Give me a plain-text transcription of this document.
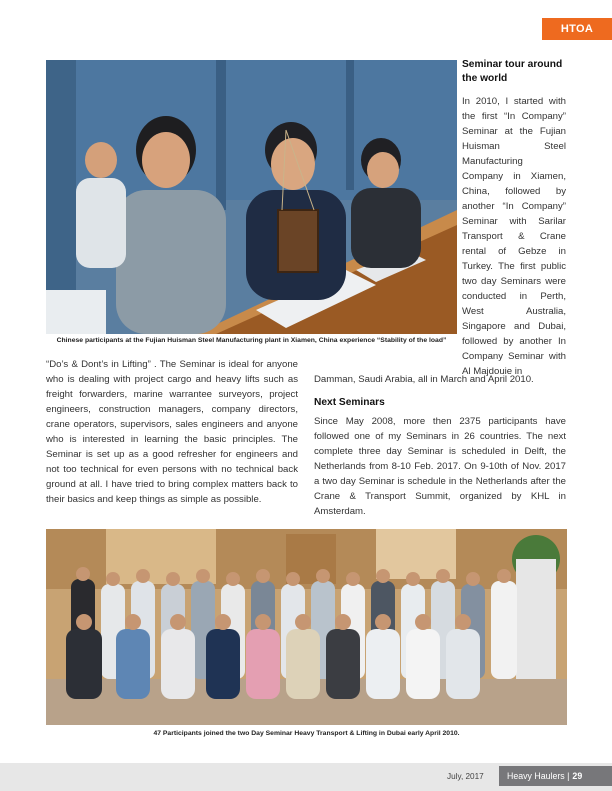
HTOA
Chinese participants at the Fujian Huisman Steel Manufacturing plant in Xiamen, China experience “Stability of the load”
Seminar tour around the world
In 2010, I started with the first “In Company” Seminar at the Fujian Huisman Steel Manufacturing Company in Xiamen, China, followed by another “In Company” Seminar with Sarilar Transport & Crane rental of Gebze in Turkey. The first public two day Seminars were conducted in Perth, West Australia, Singapore and Dubai, followed by another In Company Seminar with Al Majdouie in
Damman, Saudi Arabia, all in March and April 2010.
“Do’s & Dont’s in Lifting” . The Seminar is ideal for anyone who is dealing with project cargo and heavy lifts such as freight forwarders, marine warrantee surveyors, project engineers, construction managers, company directors, crane operators, supervisors, sales engineers and anyone who is interested in learning the basic principles. The Seminar is set up as a good refresher for engineers and not too technical for even persons with no technical back ground at all. I have tried to bring complex matters back to their basics and keep things as simple as possible.
Next Seminars
Since May 2008, more then 2375 participants have followed one of my Seminars in 26 countries. The next complete three day Seminar is scheduled in Delft, the Netherlands from 8-10 Feb. 2017. On 9-10th of Nov. 2017 a two day Seminar is schedule in the Netherlands after the Crane & Transport Summit, organized by KHL in Amsterdam.
47 Participants joined the two Day Seminar Heavy Transport & Lifting in Dubai early April 2010.
July, 2017	Heavy Haulers | 29
